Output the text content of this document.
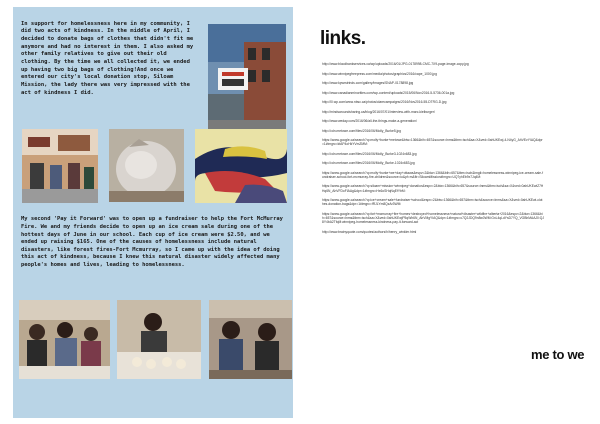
In support for homelessness here in my community, I did two acts of kindness. In the middle of April, I decided to donate bags of clothes that didn't fit me anymore and had no interest in them. I also asked my other family relatives to give out their old clothing. By the time we all collected it, we ended up having two big bags of clothing!And once we entered our city's local donation stop, Siloam Mission, the lady there was very impressed with the act of kindness I did.

My second 'Pay it Forward' was to open up a fundraiser to help the Fort McMurray Fire. We and my friends decide to open up an ice cream sale during one of the hottest days of June in our school. Each cup of ice cream were $2.50, and we ended up raising $165. One of the causes of homelessness include natural disasters, like forest fires-Fort Mcmurray, so I came up with the idea of doing this act of kindness, because I knew this natural disaster widely affected many people's homes and lives, leading to homelessness.

links.
http://www.bloodbankservices.ca/wp/uploads/2016/01/JPG-0178998-CMC-7X9-page-image-copy.jpg
http://www.winnipegfreepress.com/media/photos/graphics/2016/cape_1000.jpg
http://www.kpwrstrinds.com/gallery/images/SNAP-0178898.jpg
http://www.canadianminorities.com/wp-content/uploads/2015/06/Nov2016-5-5736-001a.jpg
http://i0.wp.com/www.nbsc.ca/photos/clarecampaigns/2016/Nov2016-55-DTRG-D.jpg
http://mindsaroundsharing.ca/blog/2016/07/01/interview-with-marc-kielburger/
http://www.weday.com/2016/06/all-the-things-make-a-generation/
http://cdn.metowe.com/files/2016/06/Molly_Burke5.jpg
https://www.google.ca/search?q=molly+burke+metowe&biw=1366&bih=657&source=lnms&tbm=isch&sa=X&ved=0ahUKEwj-4-N4yG_AhVEvYIAQ&dpr=1#imgrc=ktAP4oHkYVmZMM:
http://cdn.metowe.com/files/2016/06/Molly_Burke3-1024x683.jpg
http://cdn.metowe.com/files/2016/06/Molly_Burke-1024x683.jpg
https://www.google.ca/search?q=molly+burke+we+day+ottawa&espv=2&biw=1366&bih=657&tbm=isch&imgil=homelessness-winnipeg-ice-cream-sale-fundraiser-school-fort-mcmurray-fire-children&source=iu&pf=m&fir=SiloamMission#imgrc=UQ7yhEb9x7Jq4M:
https://www.google.ca/search?q=siloam+mission+winnipeg+donation&espv=2&biw=1366&bih=657&source=lnms&tbm=isch&sa=X&ved=0ahUKEwiZ7HHq6N_AhVFDoFIAAg&dpr=1#imgrc=Hx6oSHqNqEfYbM:
https://www.google.ca/search?q=ice+cream+sale+fundraiser+school&espv=2&biw=1366&bih=657&tbm=isch&source=lnms&sa=X&ved=0ahUKEwi-clothes-donation-bags&dpr=1#imgrc=fRJLYm8QzAr3WM:
https://www.google.ca/search?q=fort+mcmurray+fire+homes+destroyed+homelessness+natural+disaster+wildfire+alberta+2016&espv=2&biw=1366&bih=657&source=lnms&tbm=isch&sa=X&ved=0ahUKEwjP5qWh6N_AhVMgYIAQ&dpr=1#imgrc=c7Q2JDQ9n8w0WM:GxL4qLdYsD7YQ_VGBhMAAJ0:QJ8Y4bA2TfqM:winnipeg-homelessness-kindness-pay-it-forward-act
http://www.brainyquote.com/quotes/authors/h/henry_winkler.html
me to we
